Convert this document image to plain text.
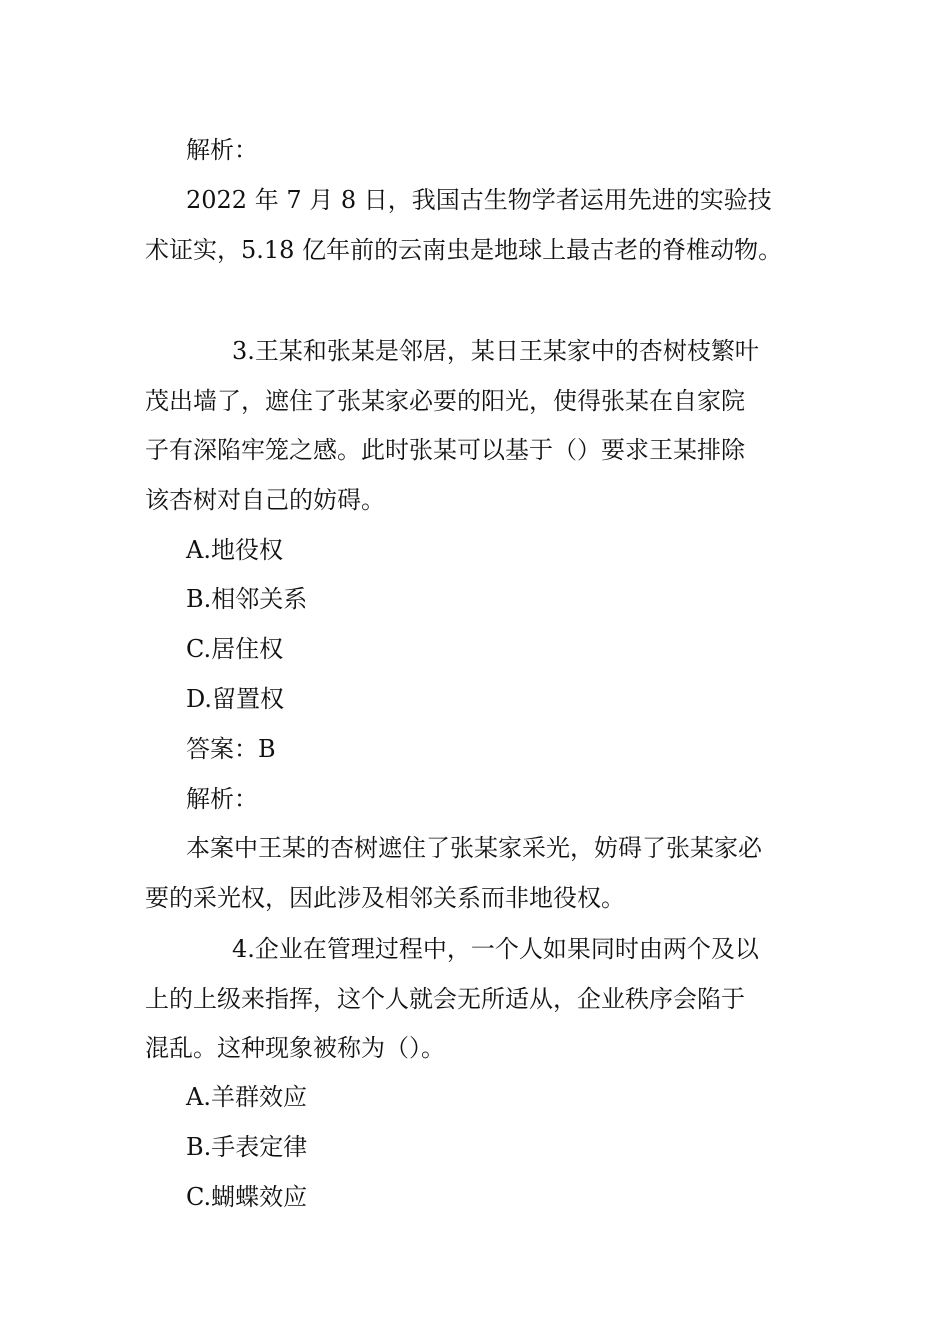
解析：
2022 年 7 月 8 日，我国古生物学者运用先进的实验技
术证实，5.18 亿年前的云南虫是地球上最古老的脊椎动物。
3.王某和张某是邻居，某日王某家中的杏树枝繁叶
茂出墙了，遮住了张某家必要的阳光，使得张某在自家院
子有深陷牢笼之感。此时张某可以基于（）要求王某排除
该杏树对自己的妨碍。
A.地役权
B.相邻关系
C.居住权
D.留置权
答案：B
解析：
本案中王某的杏树遮住了张某家采光，妨碍了张某家必
要的采光权，因此涉及相邻关系而非地役权。
4.企业在管理过程中，一个人如果同时由两个及以
上的上级来指挥，这个人就会无所适从，企业秩序会陷于
混乱。这种现象被称为（）。
A.羊群效应
B.手表定律
C.蝴蝶效应
